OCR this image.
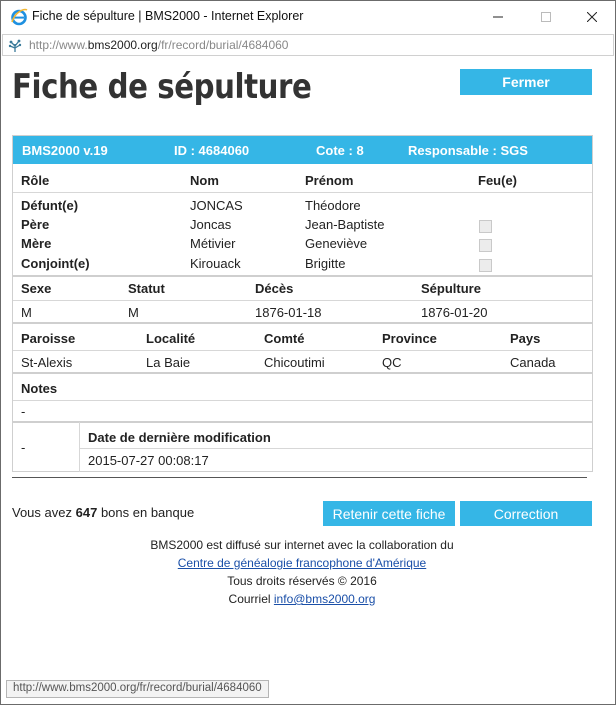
Fiche de sépulture | BMS2000 - Internet Explorer
http://www.bms2000.org/fr/record/burial/4684060
Fiche de sépulture	Fermer
BMS2000 v.19	ID : 4684060	Cote : 8	Responsable : SGS
Rôle	Nom	Prénom	Feu(e)
Défunt(e)	JONCAS	Théodore
Père	Joncas	Jean-Baptiste
Mère	Métivier	Geneviève
Conjoint(e)	Kirouack	Brigitte
Sexe	Statut	Décès	Sépulture
M	M	1876-01-18	1876-01-20
Paroisse	Localité	Comté	Province	Pays
St-Alexis	La Baie	Chicoutimi	QC	Canada
Notes
-
-
Date de dernière modification
2015-07-27 00:08:17
Vous avez 647 bons en banque	Retenir cette fiche	Correction
BMS2000 est diffusé sur internet avec la collaboration du
Centre de généalogie francophone d'Amérique
Tous droits réservés © 2016
Courriel info@bms2000.org
http://www.bms2000.org/fr/record/burial/4684060
